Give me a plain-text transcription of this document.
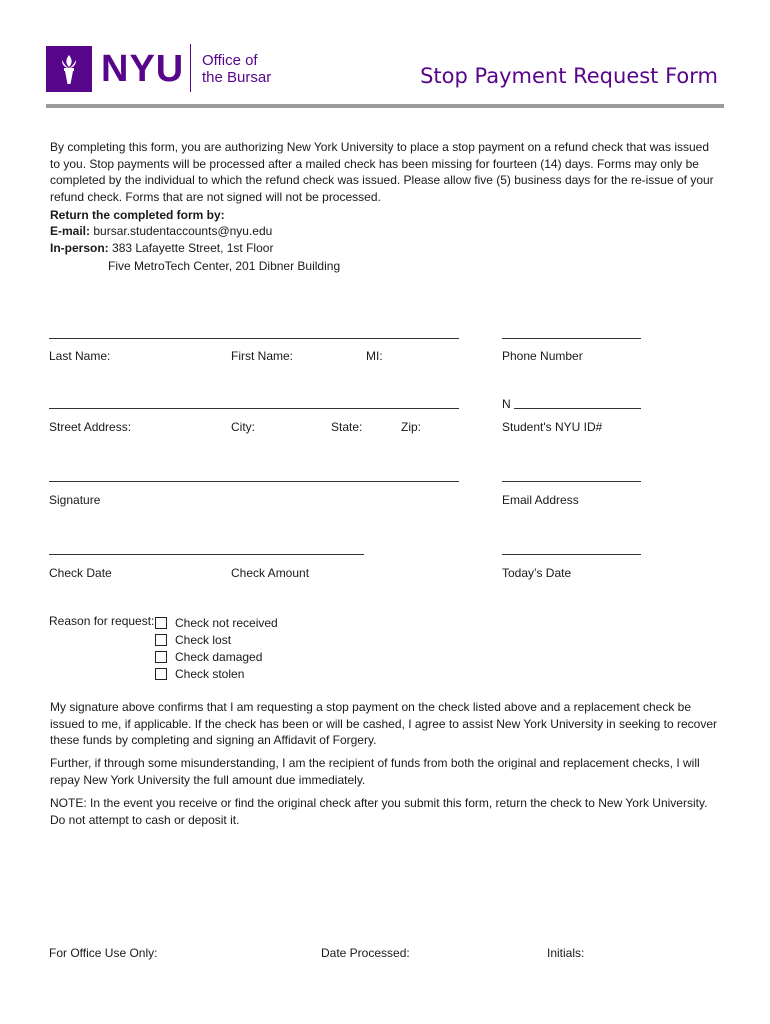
NYU Office of
the Bursar	Stop Payment Request Form
By completing this form, you are authorizing New York University to place a stop payment on a refund check that was issued to you. Stop payments will be processed after a mailed check has been missing for fourteen (14) days. Forms may only be completed by the individual to which the refund check was issued. Please allow five (5) business days for the re-issue of your refund check. Forms that are not signed will not be processed.
Return the completed form by:
E-mail: bursar.studentaccounts@nyu.edu
In-person: 383 Lafayette Street, 1st Floor
Five MetroTech Center, 201 Dibner Building
Last Name:	First Name:	MI:	Phone Number
N
Street Address:	City:	State:	Zip:	Student's NYU ID#
Signature	Email Address
Check Date	Check Amount	Today’s Date
Reason for request: Check not received
Check lost
Check damaged
Check stolen
My signature above confirms that I am requesting a stop payment on the check listed above and a replacement check be issued to me, if applicable. If the check has been or will be cashed, I agree to assist New York University in seeking to recover these funds by completing and signing an Affidavit of Forgery.
Further, if through some misunderstanding, I am the recipient of funds from both the original and replacement checks, I will repay New York University the full amount due immediately.
NOTE: In the event you receive or find the original check after you submit this form, return the check to New York University. Do not attempt to cash or deposit it.
For Office Use Only:	Date Processed:	Initials:
